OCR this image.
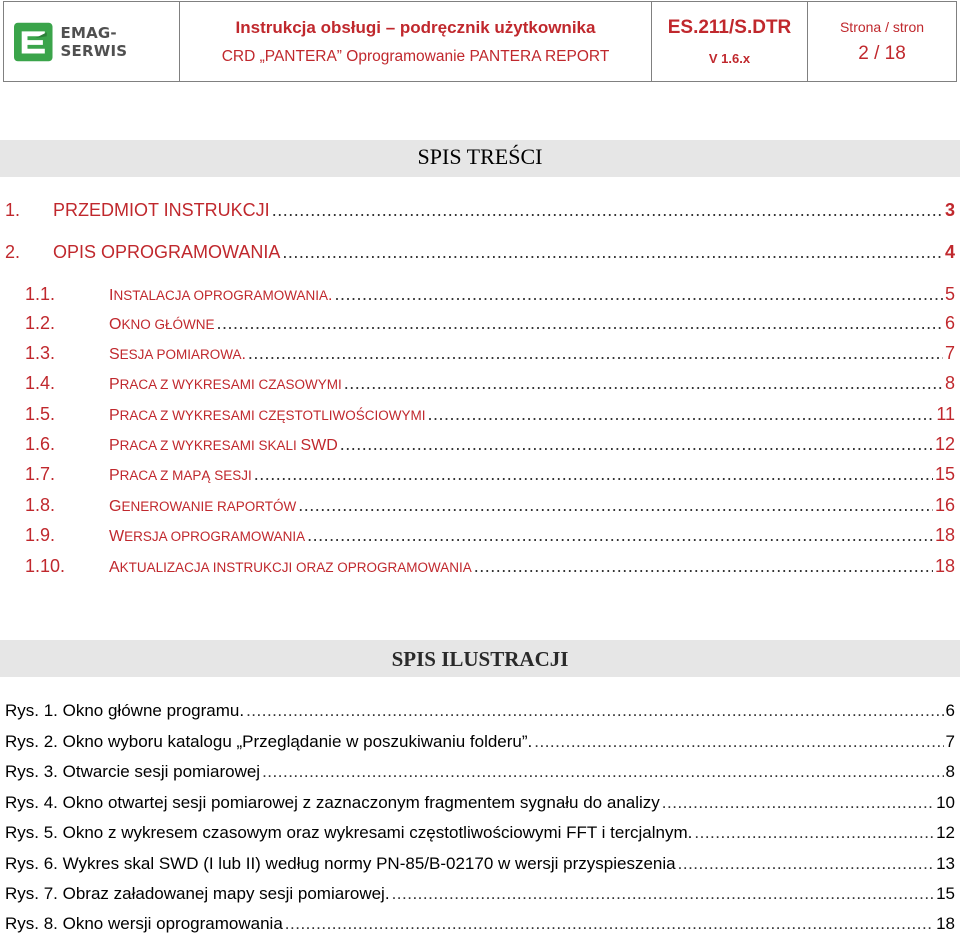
EMAG-SERWIS
Instrukcja obsługi – podręcznik użytkownika
CRD „PANTERA” Oprogramowanie PANTERA REPORT
ES.211/S.DTR
V 1.6.x
Strona / stron
2 / 18
SPIS TREŚCI
1.	PRZEDMIOT INSTRUKCJI .....	3
2.	OPIS OPROGRAMOWANIA .....	4
1.1.	INSTALACJA OPROGRAMOWANIA. .....	5
1.2.	OKNO GŁÓWNE .....	6
1.3.	SESJA POMIAROWA. .....	7
1.4.	PRACA Z WYKRESAMI CZASOWYMI .....	8
1.5.	PRACA Z WYKRESAMI CZĘSTOTLIWOŚCIOWYMI .....	11
1.6.	PRACA Z WYKRESAMI SKALI SWD .....	12
1.7.	PRACA Z MAPĄ SESJI .....	15
1.8.	GENEROWANIE RAPORTÓW .....	16
1.9.	WERSJA OPROGRAMOWANIA .....	18
1.10.	AKTUALIZACJA INSTRUKCJI ORAZ OPROGRAMOWANIA .....	18
SPIS ILUSTRACJI
Rys. 1. Okno główne programu. .....	6
Rys. 2. Okno wyboru katalogu „Przeglądanie w poszukiwaniu folderu”. .....	7
Rys. 3. Otwarcie sesji pomiarowej .....	8
Rys. 4. Okno otwartej sesji pomiarowej z zaznaczonym fragmentem sygnału do analizy .....	10
Rys. 5. Okno z wykresem czasowym oraz wykresami częstotliwościowymi FFT i tercjalnym. .....	12
Rys. 6. Wykres skal SWD (I lub II) według normy PN-85/B-02170 w wersji przyspieszenia .....	13
Rys. 7. Obraz załadowanej mapy sesji pomiarowej. .....	15
Rys. 8. Okno wersji oprogramowania .....	18
